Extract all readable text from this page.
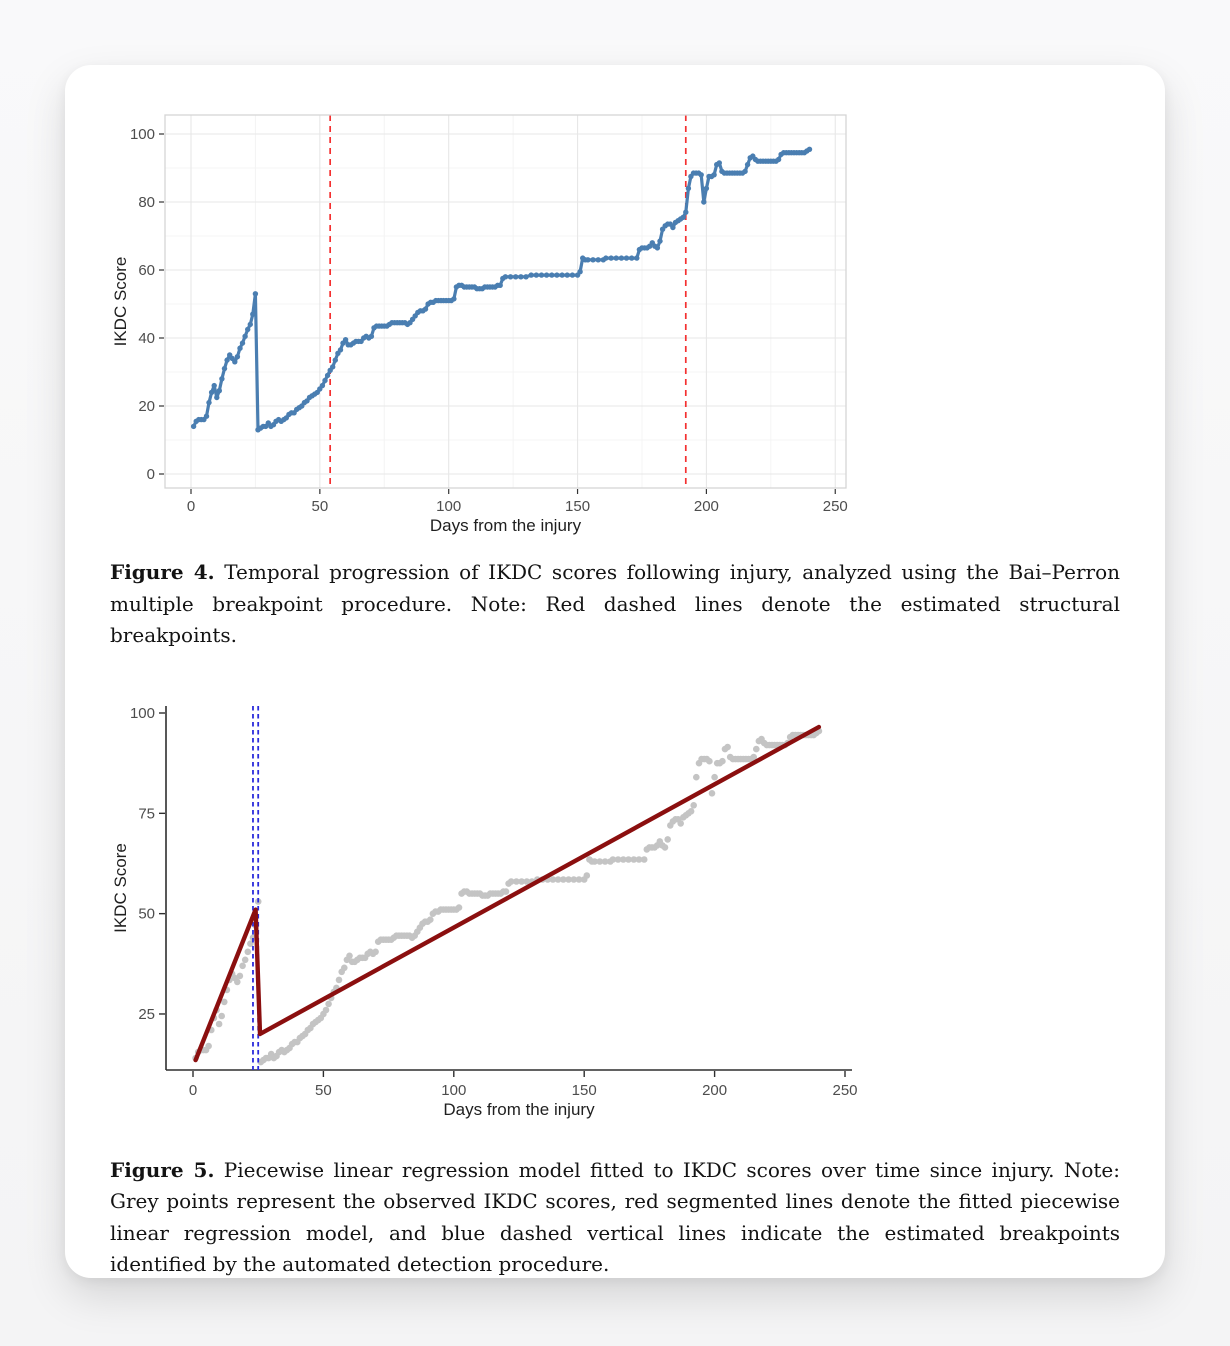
0	50	100	150	200	250
0
20
40
60
80
100
Days from the injury
IKDC Score
Figure 4. Temporal progression of IKDC scores following injury, analyzed using the Bai–Perron multiple breakpoint procedure. Note: Red dashed lines denote the estimated structural breakpoints.
0	50	100	150	200	250
25
50
75
100
Days from the injury
IKDC Score
Figure 5. Piecewise linear regression model fitted to IKDC scores over time since injury. Note: Grey points represent the observed IKDC scores, red segmented lines denote the fitted piecewise linear regression model, and blue dashed vertical lines indicate the estimated breakpoints identified by the automated detection procedure.
